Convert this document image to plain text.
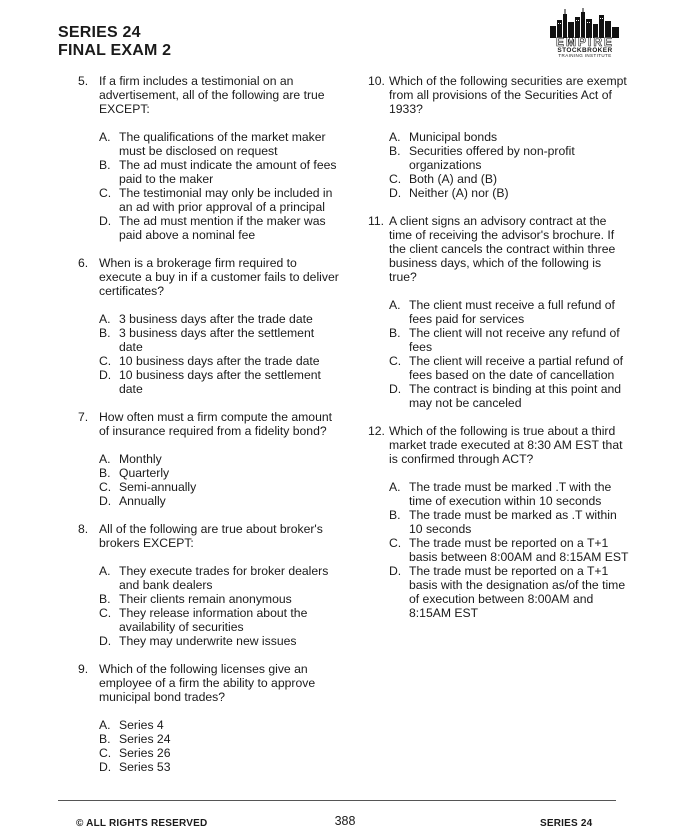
SERIES 24
FINAL EXAM 2	EMPIRE
STOCKBROKER
TRAINING INSTITUTE
5. If a firm includes a testimonial on an advertisement, all of the following are true EXCEPT:
A. The qualifications of the market maker must be disclosed on request
B. The ad must indicate the amount of fees paid to the maker
C. The testimonial may only be included in an ad with prior approval of a principal
D. The ad must mention if the maker was paid above a nominal fee
6. When is a brokerage firm required to execute a buy in if a customer fails to deliver certificates?
A. 3 business days after the trade date
B. 3 business days after the settlement date
C. 10 business days after the trade date
D. 10 business days after the settlement date
7. How often must a firm compute the amount of insurance required from a fidelity bond?
A. Monthly
B. Quarterly
C. Semi-annually
D. Annually
8. All of the following are true about broker's brokers EXCEPT:
A. They execute trades for broker dealers and bank dealers
B. Their clients remain anonymous
C. They release information about the availability of securities
D. They may underwrite new issues
9. Which of the following licenses give an employee of a firm the ability to approve municipal bond trades?
A. Series 4
B. Series 24
C. Series 26
D. Series 53
10. Which of the following securities are exempt from all provisions of the Securities Act of 1933?
A. Municipal bonds
B. Securities offered by non-profit organizations
C. Both (A) and (B)
D. Neither (A) nor (B)
11. A client signs an advisory contract at the time of receiving the advisor's brochure. If the client cancels the contract within three business days, which of the following is true?
A. The client must receive a full refund of fees paid for services
B. The client will not receive any refund of fees
C. The client will receive a partial refund of fees based on the date of cancellation
D. The contract is binding at this point and may not be canceled
12. Which of the following is true about a third market trade executed at 8:30 AM EST that is confirmed through ACT?
A. The trade must be marked .T with the time of execution within 10 seconds
B. The trade must be marked as .T within 10 seconds
C. The trade must be reported on a T+1 basis between 8:00AM and 8:15AM EST
D. The trade must be reported on a T+1 basis with the designation as/of the time of execution between 8:00AM and 8:15AM EST
© ALL RIGHTS RESERVED	388	SERIES 24
